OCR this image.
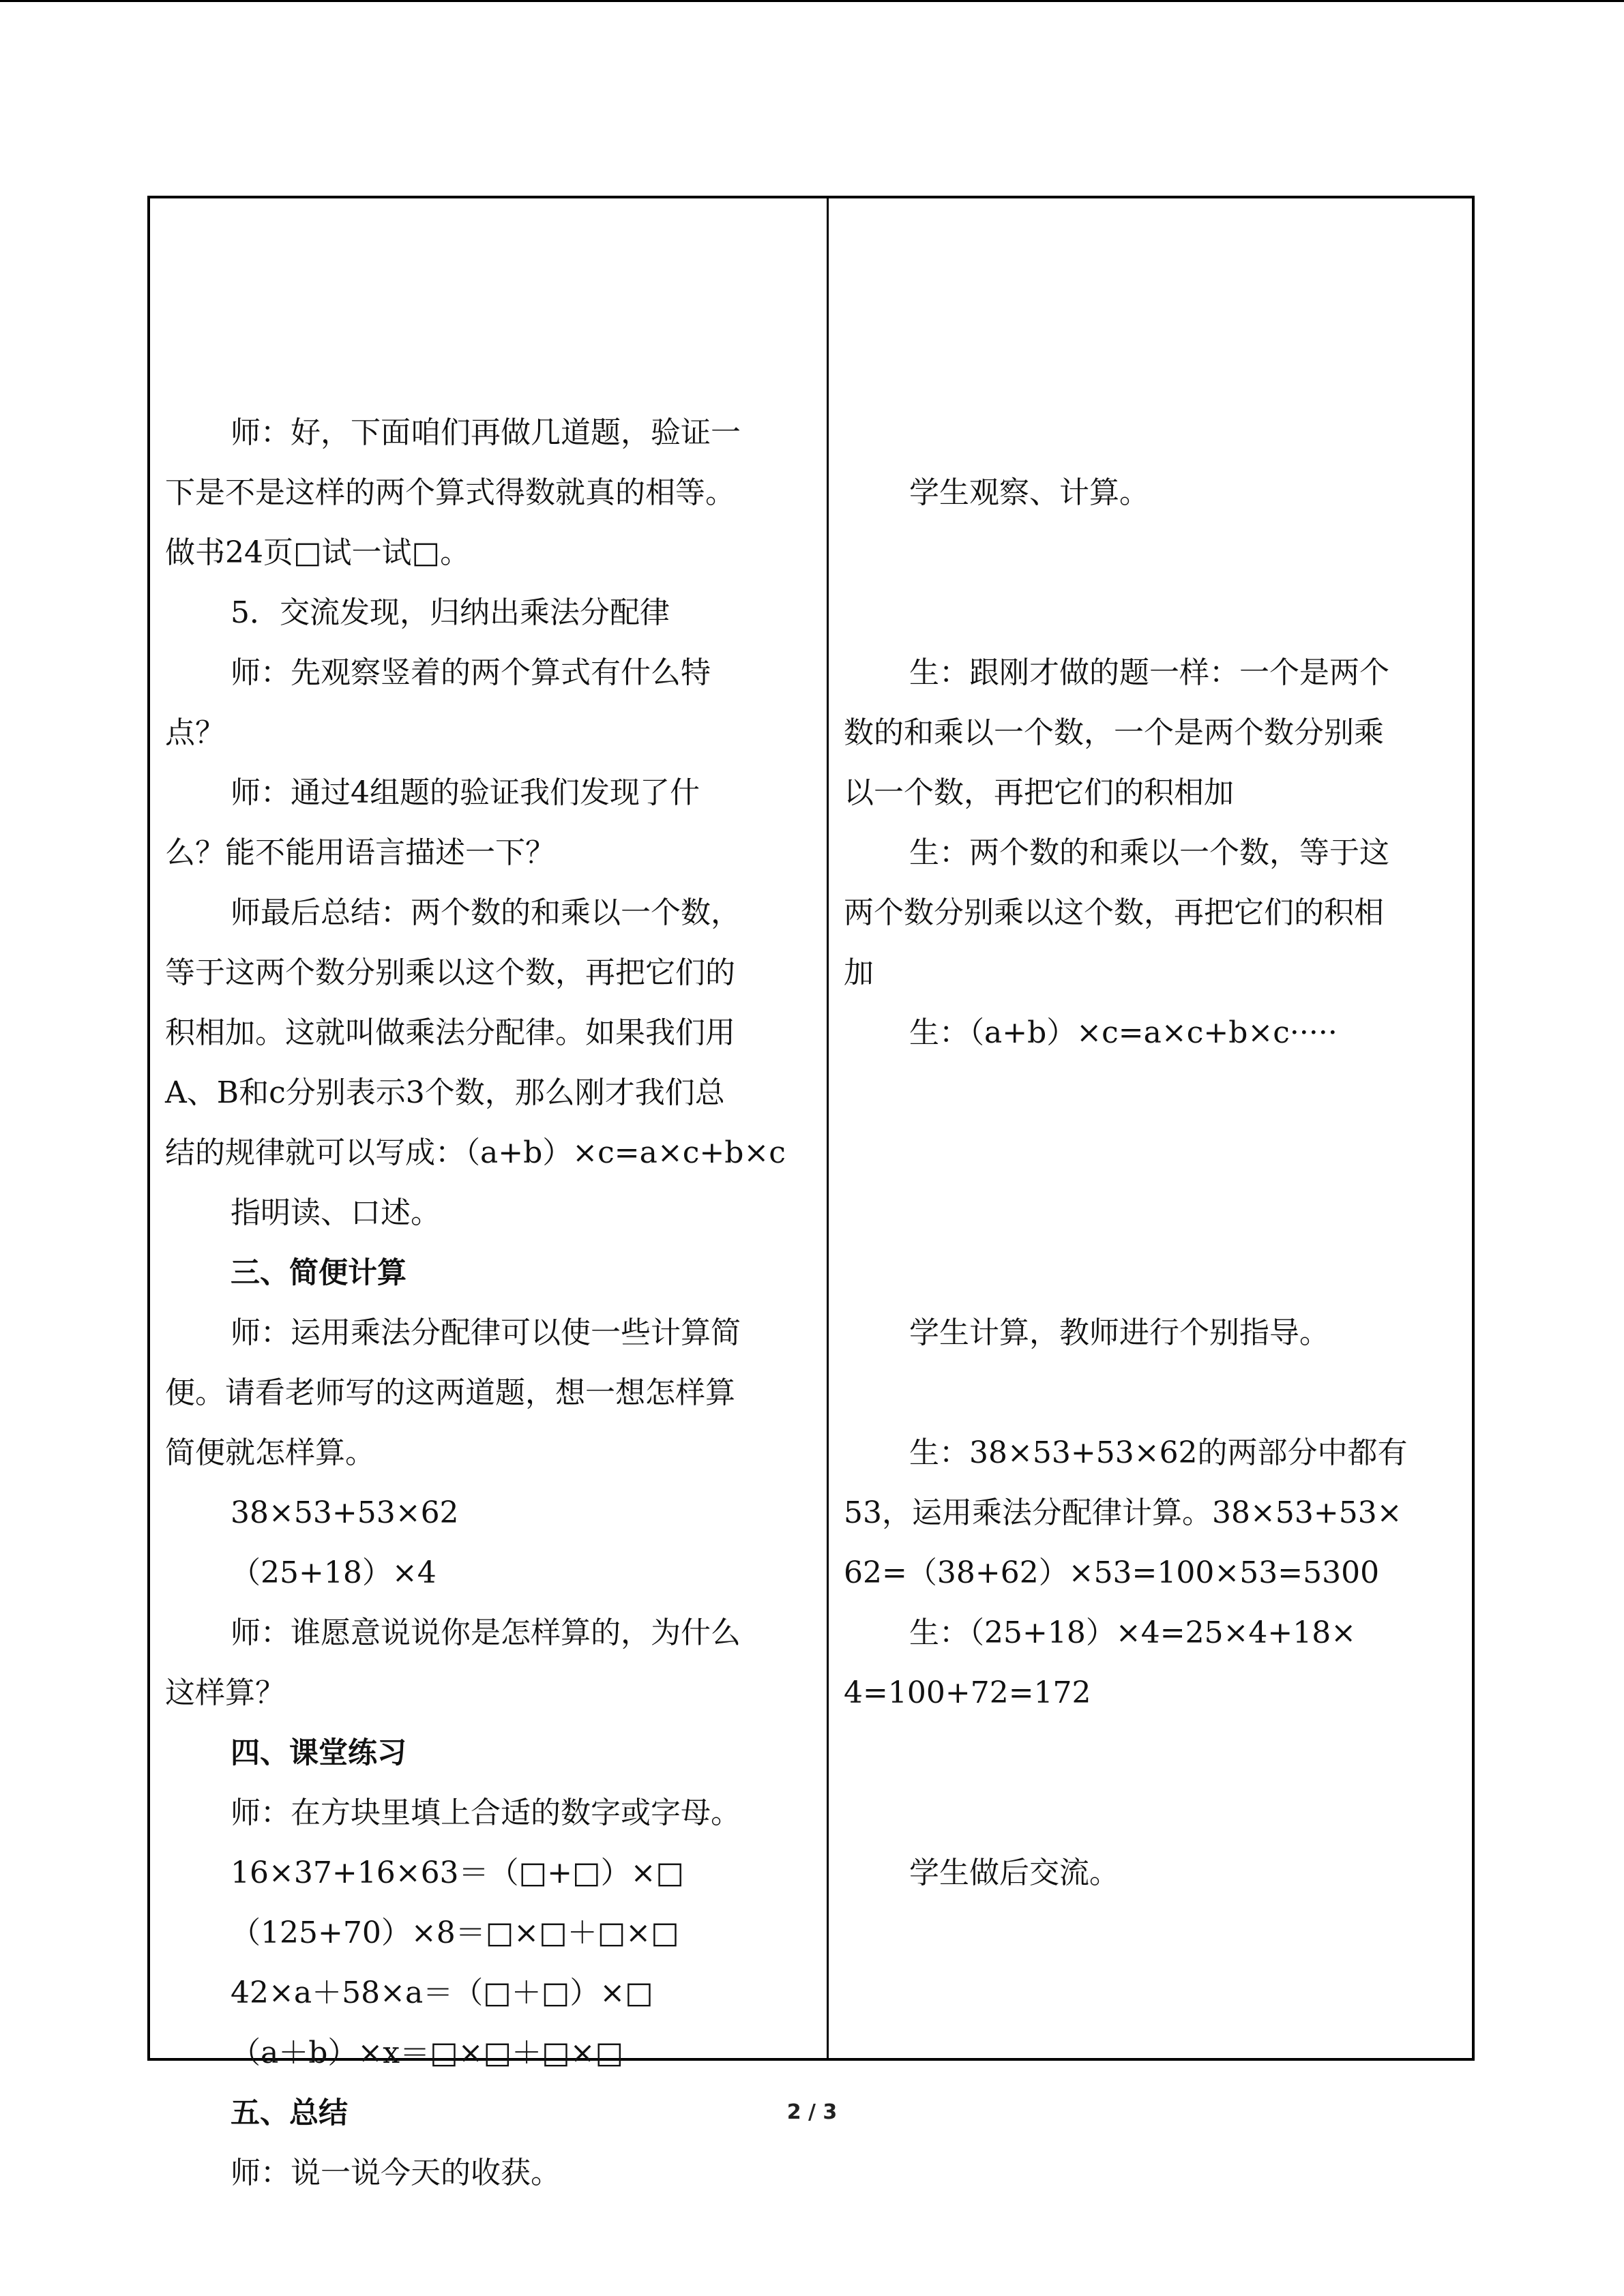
师：好，下面咱们再做几道题，验证一
下是不是这样的两个算式得数就真的相等。
做书24页□试一试□。
5．交流发现，归纳出乘法分配律
师：先观察竖着的两个算式有什么特
点？
师：通过4组题的验证我们发现了什
么？能不能用语言描述一下？
师最后总结：两个数的和乘以一个数，
等于这两个数分别乘以这个数，再把它们的
积相加。这就叫做乘法分配律。如果我们用
A、B和c分别表示3个数，那么刚才我们总
结的规律就可以写成：（a+b）×c=a×c+b×c
指明读、口述。
三、简便计算
师：运用乘法分配律可以使一些计算简
便。请看老师写的这两道题，想一想怎样算
简便就怎样算。
38×53+53×62
（25+18）×4
师：谁愿意说说你是怎样算的，为什么
这样算？
四、课堂练习
师：在方块里填上合适的数字或字母。
16×37+16×63＝（□+□）×□
（125+70）×8＝□×□＋□×□
42×a＋58×a＝（□＋□）×□
（a＋b）×x＝□×□＋□×□
五、总结
师：说一说今天的收获。
学生观察、计算。
生：跟刚才做的题一样：一个是两个
数的和乘以一个数，一个是两个数分别乘
以一个数，再把它们的积相加
生：两个数的和乘以一个数，等于这
两个数分别乘以这个数，再把它们的积相
加
生：（a+b）×c=a×c+b×c·····
学生计算，教师进行个别指导。
生：38×53+53×62的两部分中都有
53，运用乘法分配律计算。38×53+53×
62=（38+62）×53=100×53=5300
生：（25+18）×4=25×4+18×
4=100+72=172
学生做后交流。
2 / 3
